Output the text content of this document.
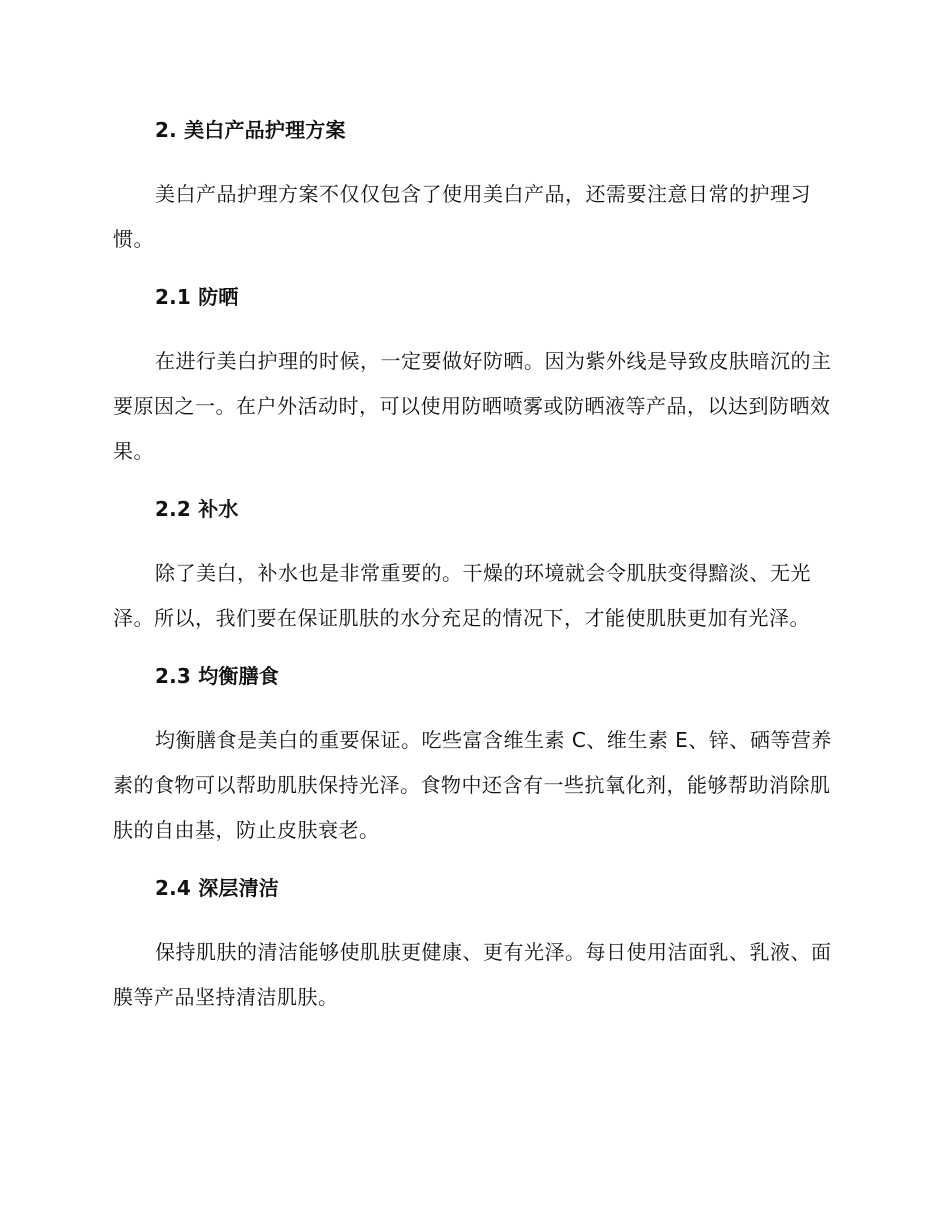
2. 美白产品护理方案

美白产品护理方案不仅仅包含了使用美白产品，还需要注意日常的护理习惯。

2.1 防晒

在进行美白护理的时候，一定要做好防晒。因为紫外线是导致皮肤暗沉的主要原因之一。在户外活动时，可以使用防晒喷雾或防晒液等产品，以达到防晒效果。

2.2 补水

除了美白，补水也是非常重要的。干燥的环境就会令肌肤变得黯淡、无光泽。所以，我们要在保证肌肤的水分充足的情况下，才能使肌肤更加有光泽。

2.3 均衡膳食

均衡膳食是美白的重要保证。吃些富含维生素 C、维生素 E、锌、硒等营养素的食物可以帮助肌肤保持光泽。食物中还含有一些抗氧化剂，能够帮助消除肌肤的自由基，防止皮肤衰老。

2.4 深层清洁

保持肌肤的清洁能够使肌肤更健康、更有光泽。每日使用洁面乳、乳液、面膜等产品坚持清洁肌肤。
